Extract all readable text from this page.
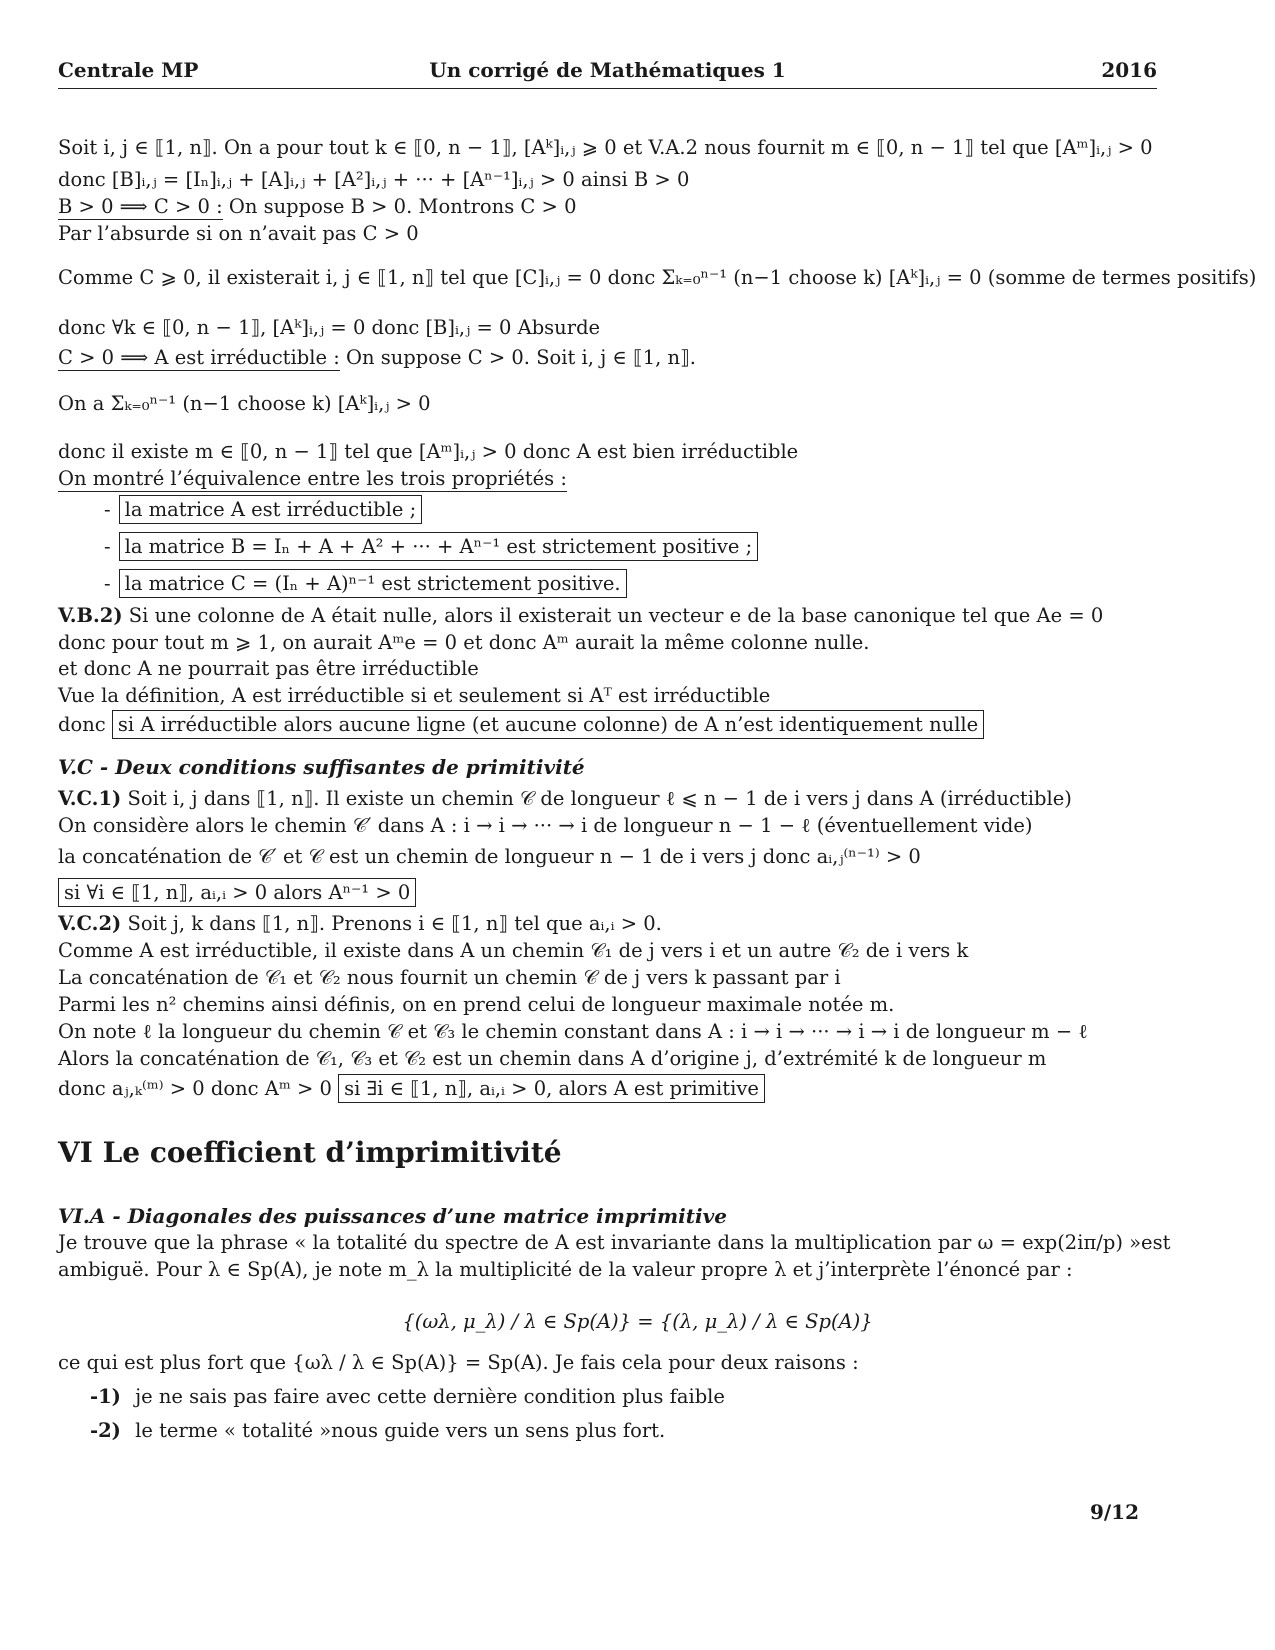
Centrale MP	Un corrigé de Mathématiques 1	2016
Soit i, j ∈ ⟦1, n⟧. On a pour tout k ∈ ⟦0, n − 1⟧, [Aᵏ]ᵢ,ⱼ ⩾ 0 et V.A.2 nous fournit m ∈ ⟦0, n − 1⟧ tel que [Aᵐ]ᵢ,ⱼ > 0
donc [B]ᵢ,ⱼ = [Iₙ]ᵢ,ⱼ + [A]ᵢ,ⱼ + [A²]ᵢ,ⱼ + ··· + [Aⁿ⁻¹]ᵢ,ⱼ > 0 ainsi B > 0
B > 0 ⟹ C > 0 : On suppose B > 0. Montrons C > 0
Par l’absurde si on n’avait pas C > 0
Comme C ⩾ 0, il existerait i, j ∈ ⟦1, n⟧ tel que [C]ᵢ,ⱼ = 0 donc Σₖ₌₀ⁿ⁻¹ (n−1 choose k) [Aᵏ]ᵢ,ⱼ = 0 (somme de termes positifs)
donc ∀k ∈ ⟦0, n − 1⟧, [Aᵏ]ᵢ,ⱼ = 0 donc [B]ᵢ,ⱼ = 0 Absurde
C > 0 ⟹ A est irréductible : On suppose C > 0. Soit i, j ∈ ⟦1, n⟧.
On a Σₖ₌₀ⁿ⁻¹ (n−1 choose k) [Aᵏ]ᵢ,ⱼ > 0
donc il existe m ∈ ⟦0, n − 1⟧ tel que [Aᵐ]ᵢ,ⱼ > 0 donc A est bien irréductible
On montré l’équivalence entre les trois propriétés :
- la matrice A est irréductible ;
- la matrice B = Iₙ + A + A² + ··· + Aⁿ⁻¹ est strictement positive ;
- la matrice C = (Iₙ + A)ⁿ⁻¹ est strictement positive.
V.B.2) Si une colonne de A était nulle, alors il existerait un vecteur e de la base canonique tel que Ae = 0
donc pour tout m ⩾ 1, on aurait Aᵐe = 0 et donc Aᵐ aurait la même colonne nulle.
et donc A ne pourrait pas être irréductible
Vue la définition, A est irréductible si et seulement si Aᵀ est irréductible
donc si A irréductible alors aucune ligne (et aucune colonne) de A n’est identiquement nulle
V.C - Deux conditions suffisantes de primitivité
V.C.1) Soit i, j dans ⟦1, n⟧. Il existe un chemin 𝒞 de longueur ℓ ⩽ n − 1 de i vers j dans A (irréductible)
On considère alors le chemin 𝒞′ dans A : i → i → ··· → i de longueur n − 1 − ℓ (éventuellement vide)
la concaténation de 𝒞′ et 𝒞 est un chemin de longueur n − 1 de i vers j donc aᵢ,ⱼ⁽ⁿ⁻¹⁾ > 0
si ∀i ∈ ⟦1, n⟧, aᵢ,ᵢ > 0 alors Aⁿ⁻¹ > 0
V.C.2) Soit j, k dans ⟦1, n⟧. Prenons i ∈ ⟦1, n⟧ tel que aᵢ,ᵢ > 0.
Comme A est irréductible, il existe dans A un chemin 𝒞₁ de j vers i et un autre 𝒞₂ de i vers k
La concaténation de 𝒞₁ et 𝒞₂ nous fournit un chemin 𝒞 de j vers k passant par i
Parmi les n² chemins ainsi définis, on en prend celui de longueur maximale notée m.
On note ℓ la longueur du chemin 𝒞 et 𝒞₃ le chemin constant dans A : i → i → ··· → i → i de longueur m − ℓ
Alors la concaténation de 𝒞₁, 𝒞₃ et 𝒞₂ est un chemin dans A d’origine j, d’extrémité k de longueur m
donc aⱼ,ₖ⁽ᵐ⁾ > 0 donc Aᵐ > 0 si ∃i ∈ ⟦1, n⟧, aᵢ,ᵢ > 0, alors A est primitive
VI Le coefficient d’imprimitivité
VI.A - Diagonales des puissances d’une matrice imprimitive
Je trouve que la phrase « la totalité du spectre de A est invariante dans la multiplication par ω = exp(2iπ/p) »est
ambiguë. Pour λ ∈ Sp(A), je note m_λ la multiplicité de la valeur propre λ et j’interprète l’énoncé par :
{(ωλ, μ_λ) / λ ∈ Sp(A)} = {(λ, μ_λ) / λ ∈ Sp(A)}
ce qui est plus fort que {ωλ / λ ∈ Sp(A)} = Sp(A). Je fais cela pour deux raisons :
-1) je ne sais pas faire avec cette dernière condition plus faible
-2) le terme « totalité »nous guide vers un sens plus fort.
9/12
